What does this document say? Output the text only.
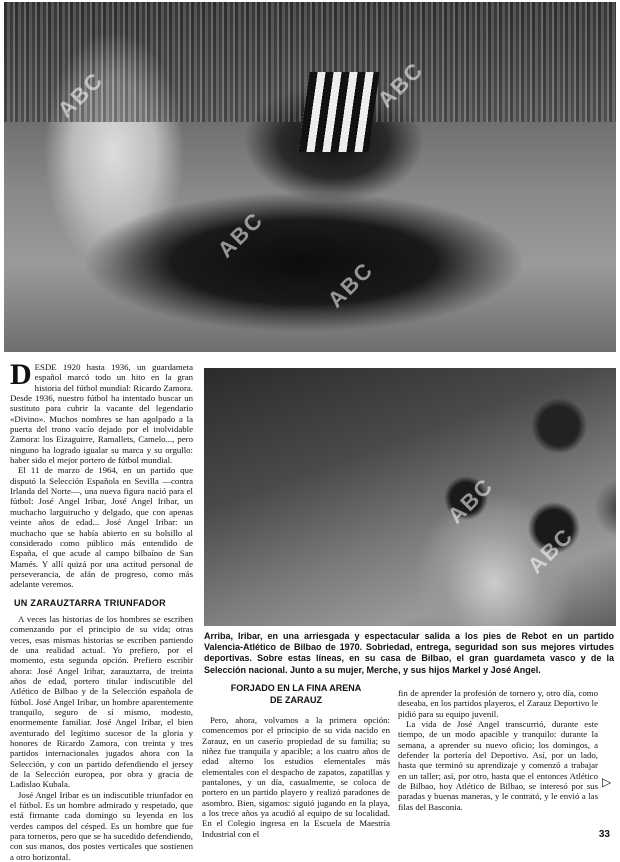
ABC
ABC
ABC
ABC

DESDE 1920 hasta 1936, un guardameta español marcó todo un hito en la gran historia del fútbol mundial: Ricardo Zamora. Desde 1936, nuestro fútbol ha intentado buscar un sustituto para cubrir la vacante del legendario «Divino». Muchos nombres se han agolpado a la puerta del trono vacío dejado por el inolvidable Zamora: los Eizaguirre, Ramallets, Camelo..., pero ninguno ha logrado igualar su marca y su orgullo: haber sido el mejor portero de fútbol mundial.

El 11 de marzo de 1964, en un partido que disputó la Selección Española en Sevilla —contra Irlanda del Norte—, una nueva figura nació para el fútbol: José Angel Iribar, José Angel Iribar, un muchacho larguirucho y delgado, que con apenas veinte años de edad... José Angel Iribar: un muchacho que se había abierto en su bolsillo al considerado como público más entendido de España, el que acude al campo bilbaíno de San Mamés. Y allí quizá por una actitud personal de perseverancia, de afán de progreso, como más adelante veremos.

UN ZARAUZTARRA TRIUNFADOR

A veces las historias de los hombres se escriben comenzando por el principio de su vida; otras veces, esas mismas historias se escriben partiendo de una realidad actual. Yo prefiero, por el momento, esta segunda opción. Prefiero escribir ahora: José Angel Iribar, zarauztarra, de treinta años de edad, portero titular indiscutible del Atlético de Bilbao y de la Selección española de fútbol. José Angel Iribar, un hombre aparentemente tranquilo, seguro de sí mismo, modesto, enormemente familiar. José Angel Iribar, el bien aventurado del legítimo sucesor de la gloria y honores de Ricardo Zamora, con treinta y tres partidos internacionales jugados ahora con la Selección, y con un partido defendiendo el jersey de la Selección europea, por obra y gracia de Ladislao Kubala.

José Angel Iribar es un indiscutible triunfador en el fútbol. Es un hombre admirado y respetado, que está firmante cada domingo su leyenda en los verdes campos del césped. Es un hombre que fue para torneros, pero que se ha sucedido defendiendo, con sus manos, dos postes verticales que sostienen a otro horizontal.

ABC
ABC
Arriba, Iribar, en una arriesgada y espectacular salida a los pies de Rebot en un partido Valencia-Atlético de Bilbao de 1970. Sobriedad, entrega, seguridad son sus mejores virtudes deportivas. Sobre estas líneas, en su casa de Bilbao, el gran guardameta vasco y de la Selección nacional. Junto a su mujer, Merche, y sus hijos Markel y José Angel.
FORJADO EN LA FINA ARENA
DE ZARAUZ

Pero, ahora, volvamos a la primera opción: comencemos por el principio de su vida nacido en Zarauz, en un caserío propiedad de su familia; su niñez fue tranquila y apacible; a los cuatro años de edad alterno los estudios elementales más elementales con el despacho de zapatos, zapatillas y pantalones, y un día, casualmente, se coloca de portero en un partido playero y realizó paradones de asombro. Bien, sigamos: siguió jugando en la playa, a los trece años ya acudió al equipo de su localidad. En el Colegio ingresa en la Escuela de Maestría Industrial con el

fin de aprender la profesión de tornero y, otro día, como deseaba, en los partidos playeros, el Zarauz Deportivo le pidió para su equipo juvenil.

La vida de José Angel transcurrió, durante este tiempo, de un modo apacible y tranquilo: durante la semana, a aprender su nuevo oficio; los domingos, a defender la portería del Deportivo. Así, por un lado, hasta que terminó su aprendizaje y comenzó a trabajar en un taller; así, por otro, hasta que el entonces Atlético de Bilbao, hoy Atlético de Bilbao, se interesó por sus paradas y buenas maneras, y le contrató, y le envió a las filas del Basconia.

▷
33
